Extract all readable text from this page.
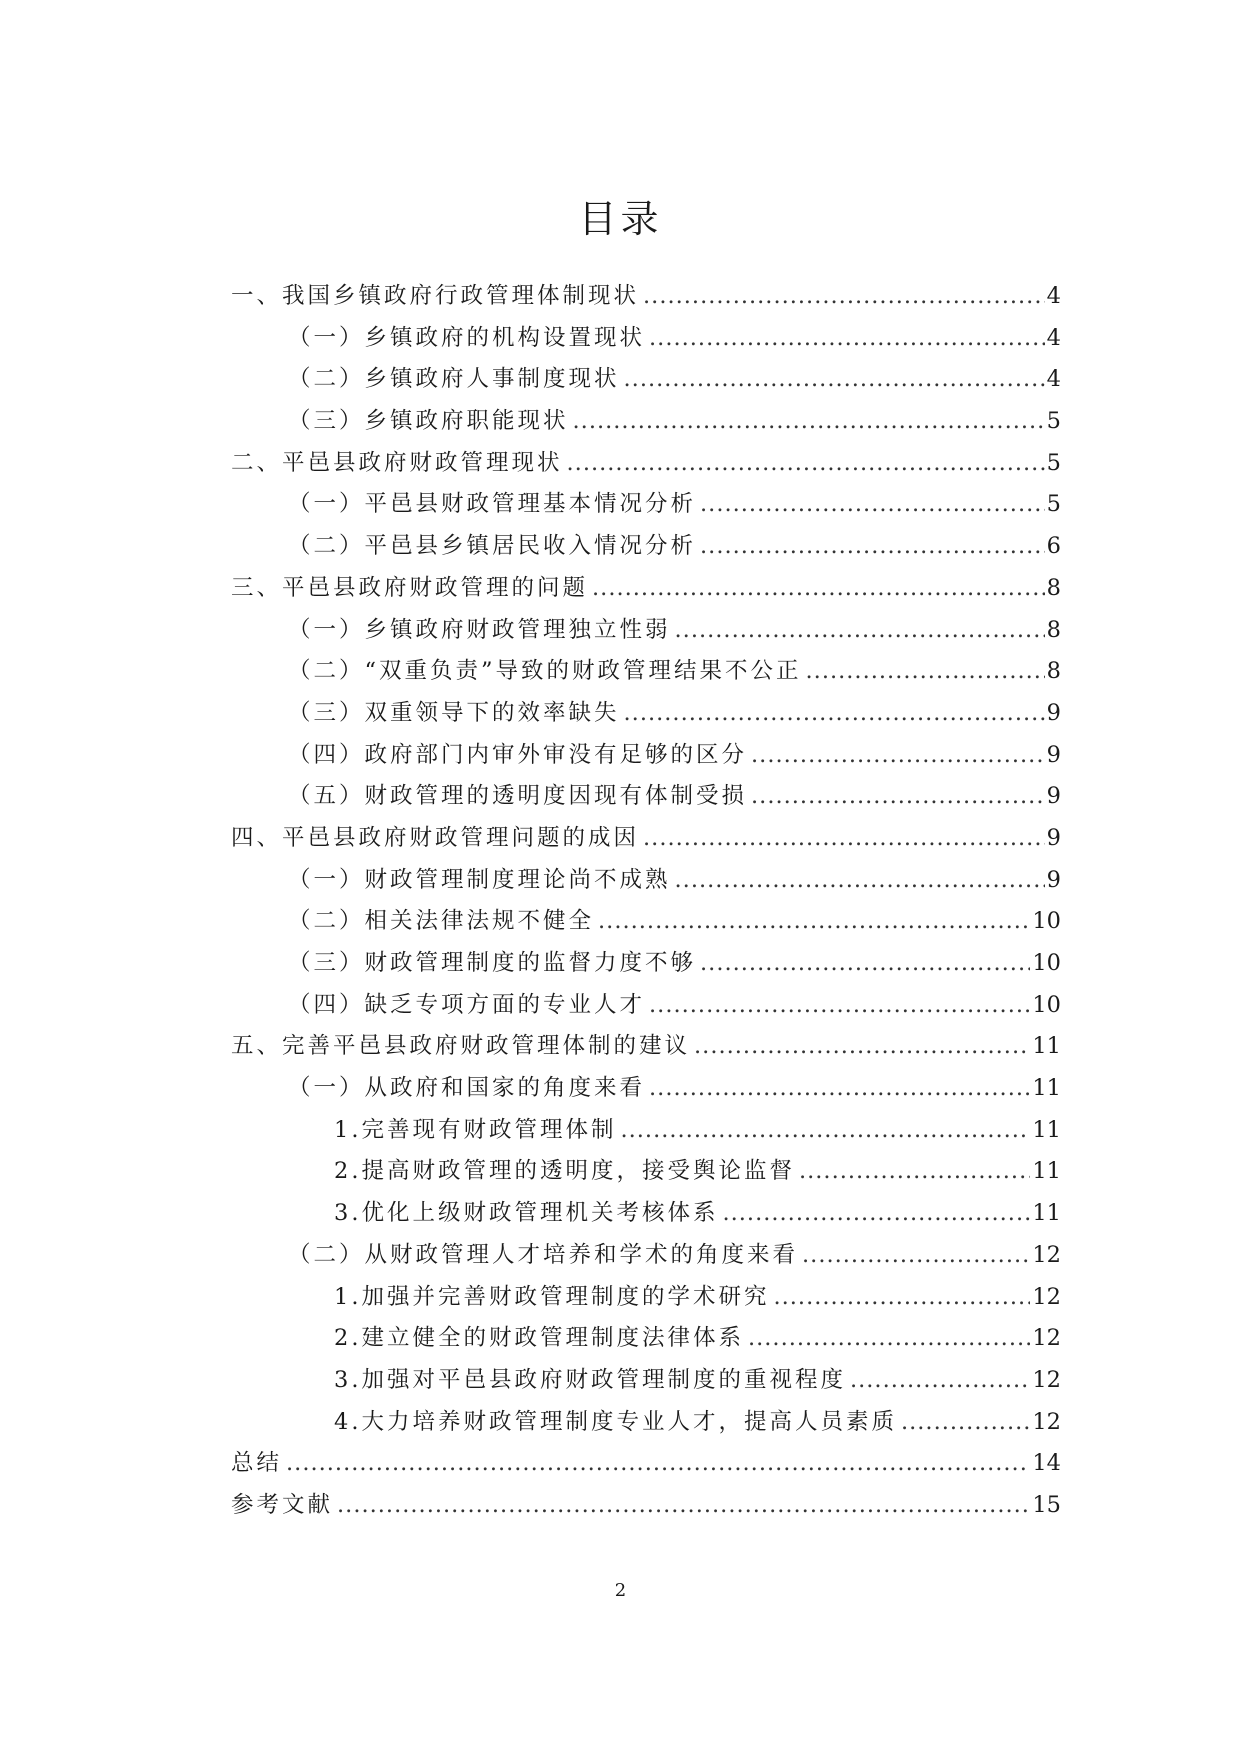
目录
一、我国乡镇政府行政管理体制现状 .....	4
（一）乡镇政府的机构设置现状 .....	4
（二）乡镇政府人事制度现状 .....	4
（三）乡镇政府职能现状 .....	5
二、平邑县政府财政管理现状 .....	5
（一）平邑县财政管理基本情况分析 .....	5
（二）平邑县乡镇居民收入情况分析 .....	6
三、平邑县政府财政管理的问题 .....	8
（一）乡镇政府财政管理独立性弱 .....	8
（二）“双重负责”导致的财政管理结果不公正 .....	8
（三）双重领导下的效率缺失 .....	9
（四）政府部门内审外审没有足够的区分 .....	9
（五）财政管理的透明度因现有体制受损 .....	9
四、平邑县政府财政管理问题的成因 .....	9
（一）财政管理制度理论尚不成熟 .....	9
（二）相关法律法规不健全 .....	10
（三）财政管理制度的监督力度不够 .....	10
（四）缺乏专项方面的专业人才 .....	10
五、完善平邑县政府财政管理体制的建议 .....	11
（一）从政府和国家的角度来看 .....	11
1.完善现有财政管理体制 .....	11
2.提高财政管理的透明度，接受舆论监督 .....	11
3.优化上级财政管理机关考核体系 .....	11
（二）从财政管理人才培养和学术的角度来看 .....	12
1.加强并完善财政管理制度的学术研究 .....	12
2.建立健全的财政管理制度法律体系 .....	12
3.加强对平邑县政府财政管理制度的重视程度 .....	12
4.大力培养财政管理制度专业人才，提高人员素质 .....	12
总结 .....	14
参考文献 .....	15
2
